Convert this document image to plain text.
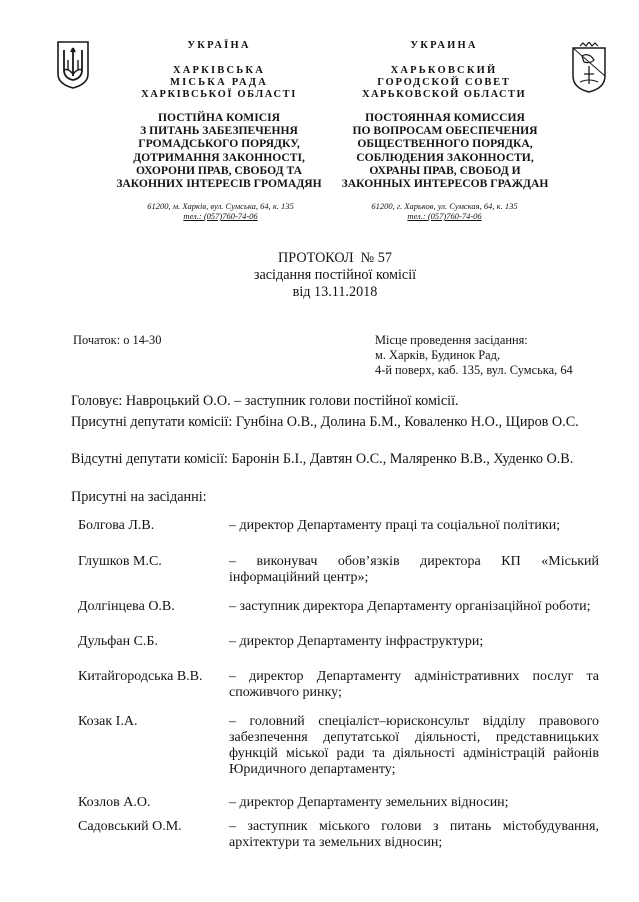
УКРАЇНА
ХАРКІВСЬКА
МІСЬКА РАДА
ХАРКІВСЬКОЇ ОБЛАСТІ
ПОСТІЙНА КОМІСІЯ
З ПИТАНЬ ЗАБЕЗПЕЧЕННЯ
ГРОМАДСЬКОГО ПОРЯДКУ,
ДОТРИМАННЯ ЗАКОННОСТІ,
ОХОРОНИ ПРАВ, СВОБОД ТА
ЗАКОННИХ ІНТЕРЕСІВ ГРОМАДЯН
61200, м. Харків, вул. Сумська, 64, к. 135
тел.: (057)760-74-06
УКРАИНА
ХАРЬКОВСКИЙ
ГОРОДСКОЙ СОВЕТ
ХАРЬКОВСКОЙ ОБЛАСТИ
ПОСТОЯННАЯ КОМИССИЯ
ПО ВОПРОСАМ ОБЕСПЕЧЕНИЯ
ОБЩЕСТВЕННОГО ПОРЯДКА,
СОБЛЮДЕНИЯ ЗАКОННОСТИ,
ОХРАНЫ ПРАВ, СВОБОД И
ЗАКОННЫХ ИНТЕРЕСОВ ГРАЖДАН
61200, г. Харьков, ул. Сумская, 64, к. 135
тел.: (057)760-74-06
ПРОТОКОЛ  № 57
засідання постійної комісії
від 13.11.2018
Початок: о 14-30	Місце проведення засідання:
м. Харків, Будинок Рад,
4-й поверх, каб. 135, вул. Сумська, 64
Головує: Навроцький О.О. – заступник голови постійної комісії.
Присутні депутати комісії: Гунбіна О.В., Долина Б.М., Коваленко Н.О., Щиров О.С.
Відсутні депутати комісії: Баронін Б.І., Давтян О.С., Маляренко В.В., Худенко О.В.
Присутні на засіданні:
Болгова Л.В.	– директор Департаменту праці та соціальної політики;
Глушков М.С.	– виконувач обов’язків директора КП «Міський інформаційний центр»;
Долгінцева О.В.	– заступник директора Департаменту організаційної роботи;
Дульфан С.Б.	– директор Департаменту інфраструктури;
Китайгородська В.В. – директор Департаменту адміністративних послуг та споживчого ринку;
Козак І.А.	– головний спеціаліст–юрисконсульт відділу правового забезпечення депутатської діяльності, представницьких функцій міської ради та діяльності адміністрацій районів Юридичного департаменту;
Козлов А.О.	– директор Департаменту земельних відносин;
Садовський О.М.	– заступник міського голови з питань містобудування, архітектури та земельних відносин;
